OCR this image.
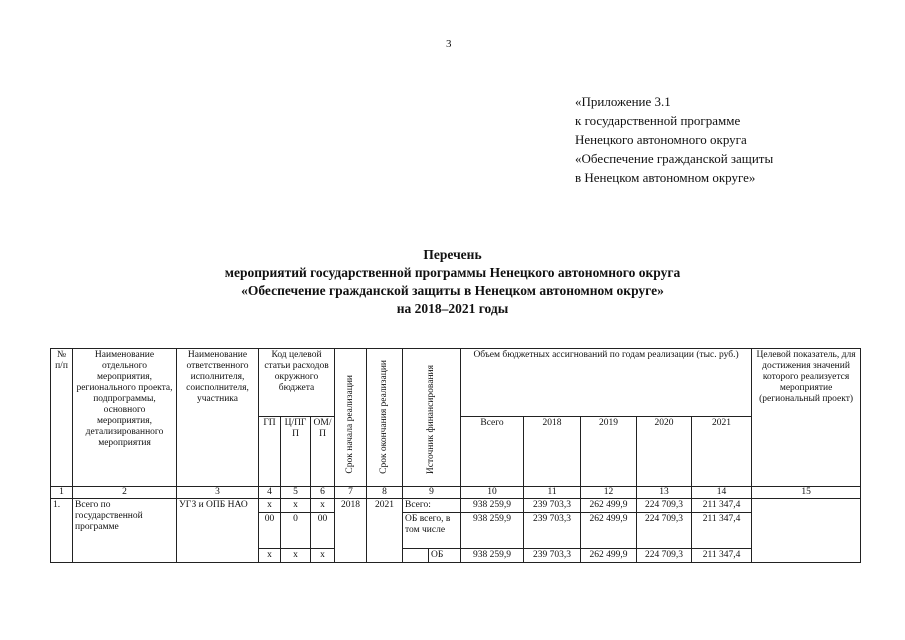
3
«Приложение 3.1
к государственной программе
Ненецкого автономного округа
«Обеспечение гражданской защиты
в Ненецком автономном округе»
Перечень
мероприятий государственной программы Ненецкого автономного округа
«Обеспечение гражданской защиты в Ненецком автономном округе»
на 2018–2021 годы
№ п/п	Наименование отдельного мероприятия, регионального проекта, подпрограммы, основного мероприятия, детализированного мероприятия	Наименование ответственного исполнителя, соисполнителя, участника	Код целевой статьи расходов окружного бюджета			Срок начала реализации	Срок окончания реализации	Источник финансирования		Объем бюджетных ассигнований по годам реализации (тыс. руб.)					Целевой показатель, для достижения значений которого реализуется мероприятие (региональный проект)
			ГП	Ц/ПГ П	ОМ/ П					Всего	2018	2019	2020	2021	
1	2	3	4	5	6	7	8	9		10	11	12	13	14	15
1.	Всего по государственной программе	УГЗ и ОПБ НАО	х	х	х	2018	2021	Всего:		938 259,9	239 703,3	262 499,9	224 709,3	211 347,4	
			00	0	00			ОБ всего, в том числе		938 259,9	239 703,3	262 499,9	224 709,3	211 347,4	
			х	х	х				ОБ	938 259,9	239 703,3	262 499,9	224 709,3	211 347,4	
